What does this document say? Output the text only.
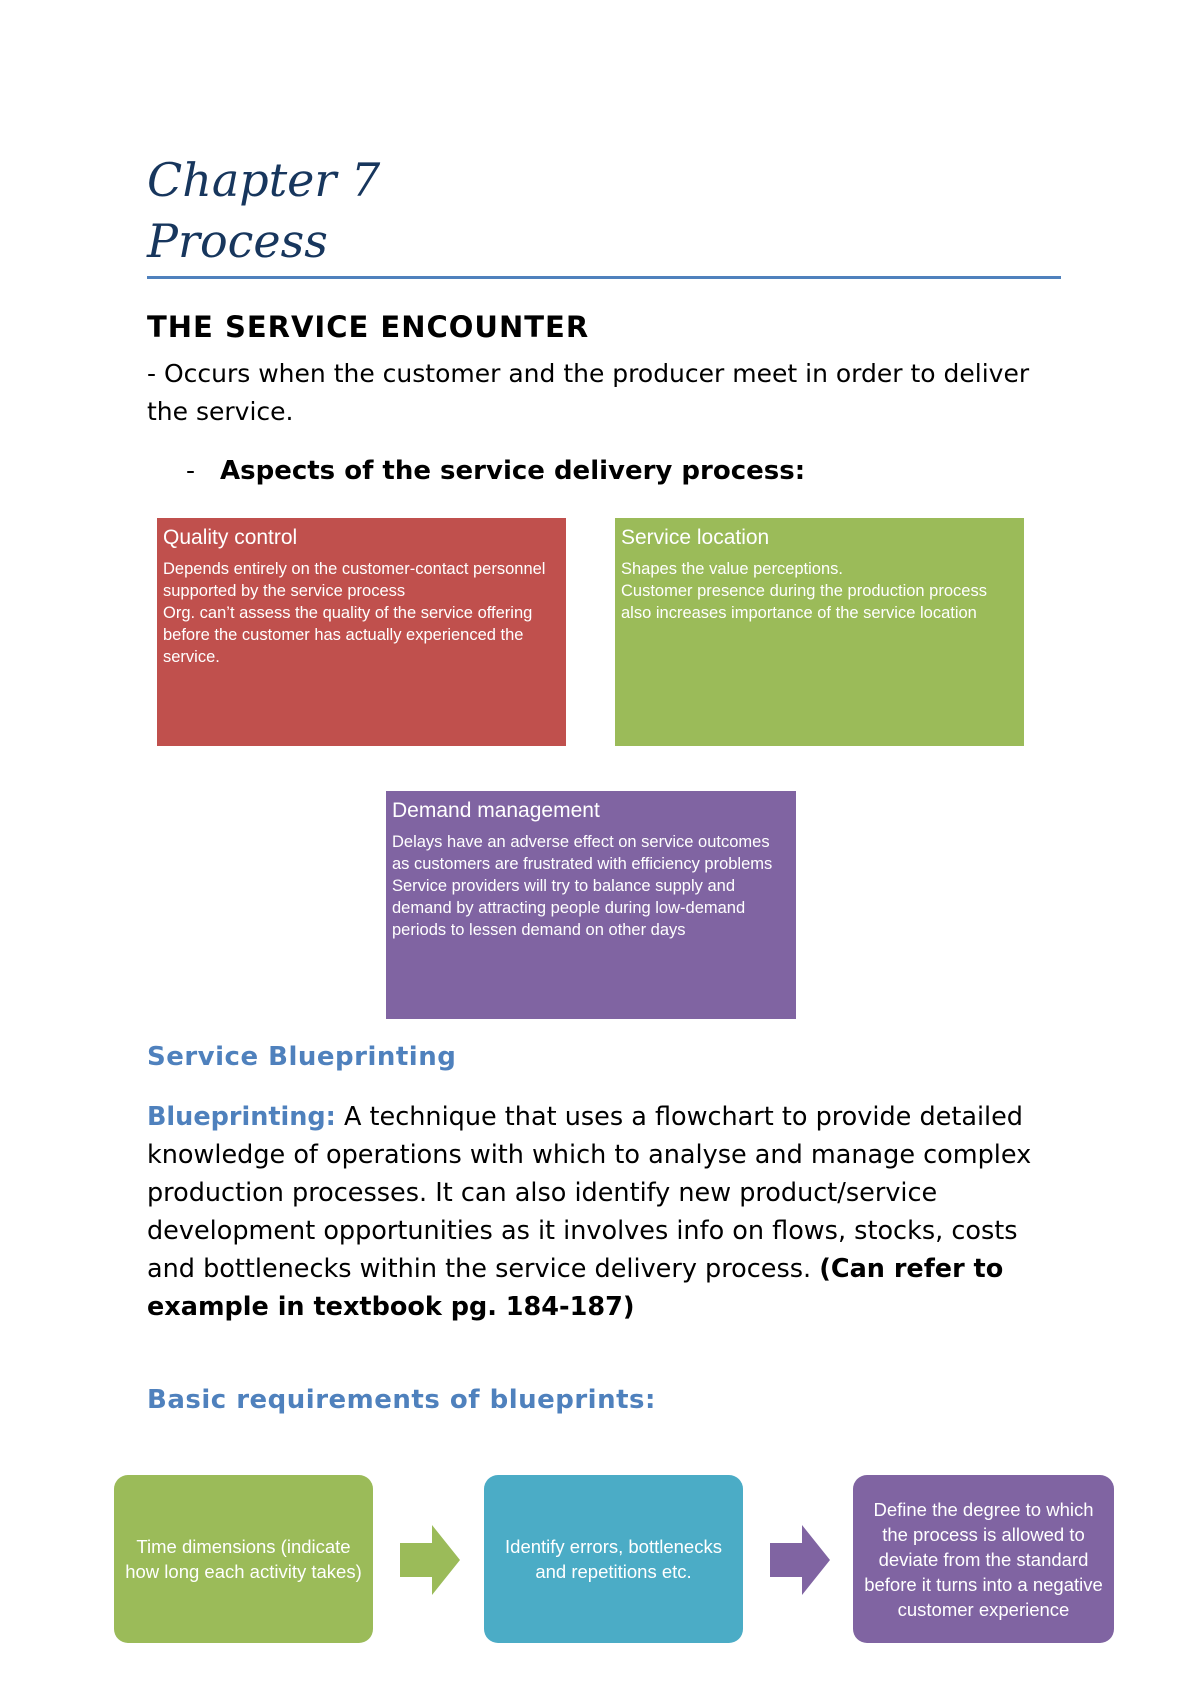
Chapter 7
Process
THE SERVICE ENCOUNTER
- Occurs when the customer and the producer meet in order to deliver the service.
- Aspects of the service delivery process:
Quality control
Depends entirely on the customer-contact personnel supported by the service process
Org. can’t assess the quality of the service offering before the customer has actually experienced the service.
Service location
Shapes the value perceptions.
Customer presence during the production process also increases importance of the service location
Demand management
Delays have an adverse effect on service outcomes as customers are frustrated with efficiency problems
Service providers will try to balance supply and demand by attracting people during low-demand periods to lessen demand on other days
Service Blueprinting
Blueprinting: A technique that uses a flowchart to provide detailed knowledge of operations with which to analyse and manage complex production processes. It can also identify new product/service development opportunities as it involves info on flows, stocks, costs and bottlenecks within the service delivery process. (Can refer to example in textbook pg. 184-187)
Basic requirements of blueprints:
Time dimensions (indicate how long each activity takes)
Identify errors, bottlenecks and repetitions etc.
Define the degree to which the process is allowed to deviate from the standard before it turns into a negative customer experience
